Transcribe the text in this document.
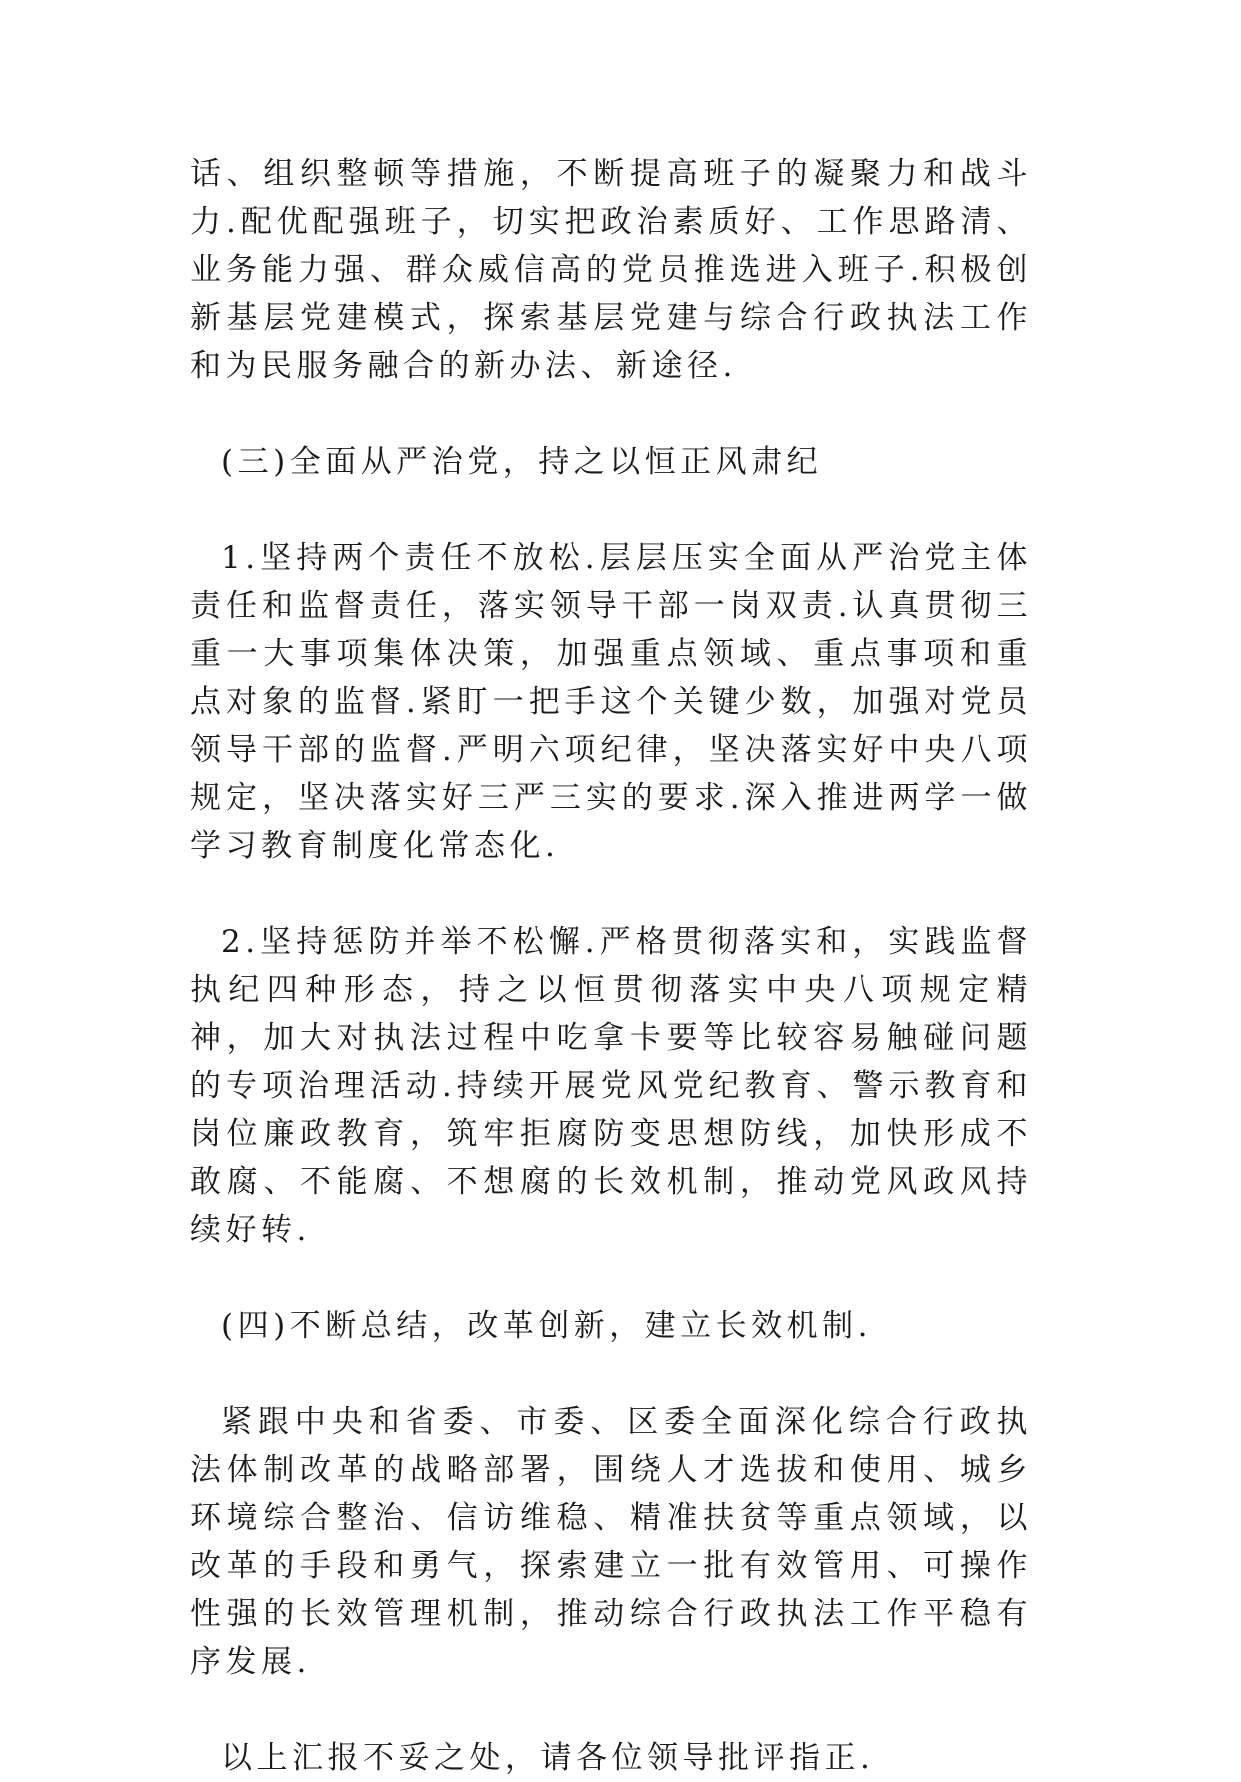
话、组织整顿等措施，不断提高班子的凝聚力和战斗力.配优配强班子，切实把政治素质好、工作思路清、业务能力强、群众威信高的党员推选进入班子.积极创新基层党建模式，探索基层党建与综合行政执法工作和为民服务融合的新办法、新途径.

(三)全面从严治党，持之以恒正风肃纪

1.坚持两个责任不放松.层层压实全面从严治党主体责任和监督责任，落实领导干部一岗双责.认真贯彻三重一大事项集体决策，加强重点领域、重点事项和重点对象的监督.紧盯一把手这个关键少数，加强对党员领导干部的监督.严明六项纪律，坚决落实好中央八项规定，坚决落实好三严三实的要求.深入推进两学一做学习教育制度化常态化.

2.坚持惩防并举不松懈.严格贯彻落实和，实践监督执纪四种形态，持之以恒贯彻落实中央八项规定精神，加大对执法过程中吃拿卡要等比较容易触碰问题的专项治理活动.持续开展党风党纪教育、警示教育和岗位廉政教育，筑牢拒腐防变思想防线，加快形成不敢腐、不能腐、不想腐的长效机制，推动党风政风持续好转.

(四)不断总结，改革创新，建立长效机制.

紧跟中央和省委、市委、区委全面深化综合行政执法体制改革的战略部署，围绕人才选拔和使用、城乡环境综合整治、信访维稳、精准扶贫等重点领域，以改革的手段和勇气，探索建立一批有效管用、可操作性强的长效管理机制，推动综合行政执法工作平稳有序发展.

以上汇报不妥之处，请各位领导批评指正.
